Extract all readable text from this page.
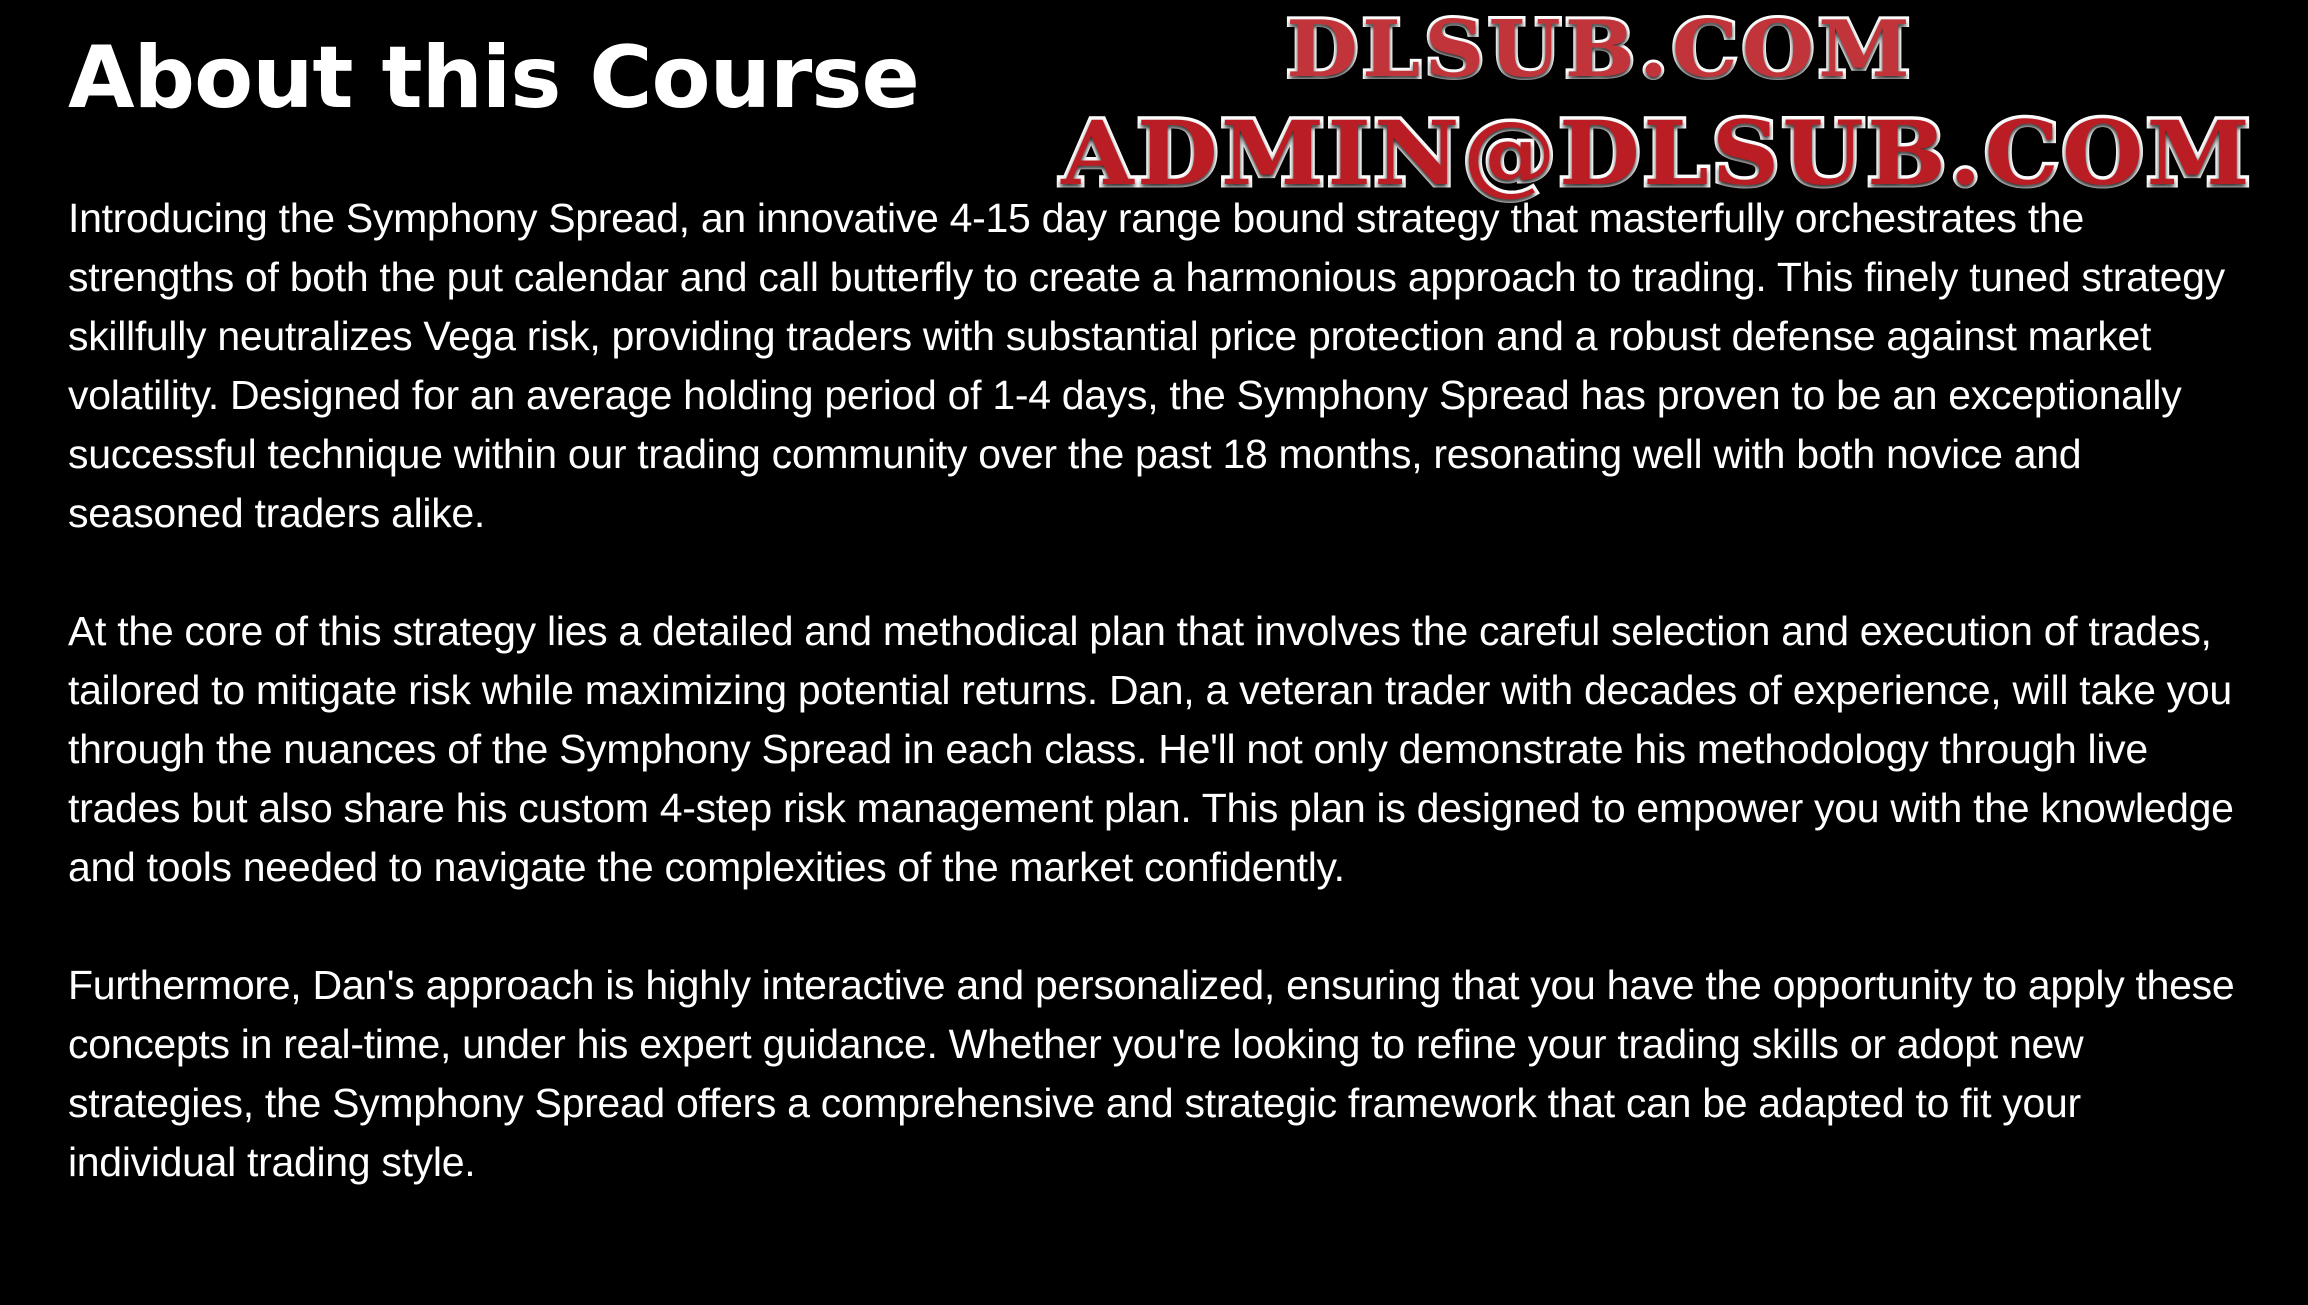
About this Course	DLSUB.COM
ADMIN@DLSUB.COM

Introducing the Symphony Spread, an innovative 4-15 day range bound strategy that masterfully orchestrates the strengths of both the put calendar and call butterfly to create a harmonious approach to trading. This finely tuned strategy skillfully neutralizes Vega risk, providing traders with substantial price protection and a robust defense against market volatility. Designed for an average holding period of 1-4 days, the Symphony Spread has proven to be an exceptionally successful technique within our trading community over the past 18 months, resonating well with both novice and seasoned traders alike.

At the core of this strategy lies a detailed and methodical plan that involves the careful selection and execution of trades, tailored to mitigate risk while maximizing potential returns. Dan, a veteran trader with decades of experience, will take you through the nuances of the Symphony Spread in each class. He'll not only demonstrate his methodology through live trades but also share his custom 4-step risk management plan. This plan is designed to empower you with the knowledge and tools needed to navigate the complexities of the market confidently.

Furthermore, Dan's approach is highly interactive and personalized, ensuring that you have the opportunity to apply these concepts in real-time, under his expert guidance. Whether you're looking to refine your trading skills or adopt new strategies, the Symphony Spread offers a comprehensive and strategic framework that can be adapted to fit your individual trading style.
